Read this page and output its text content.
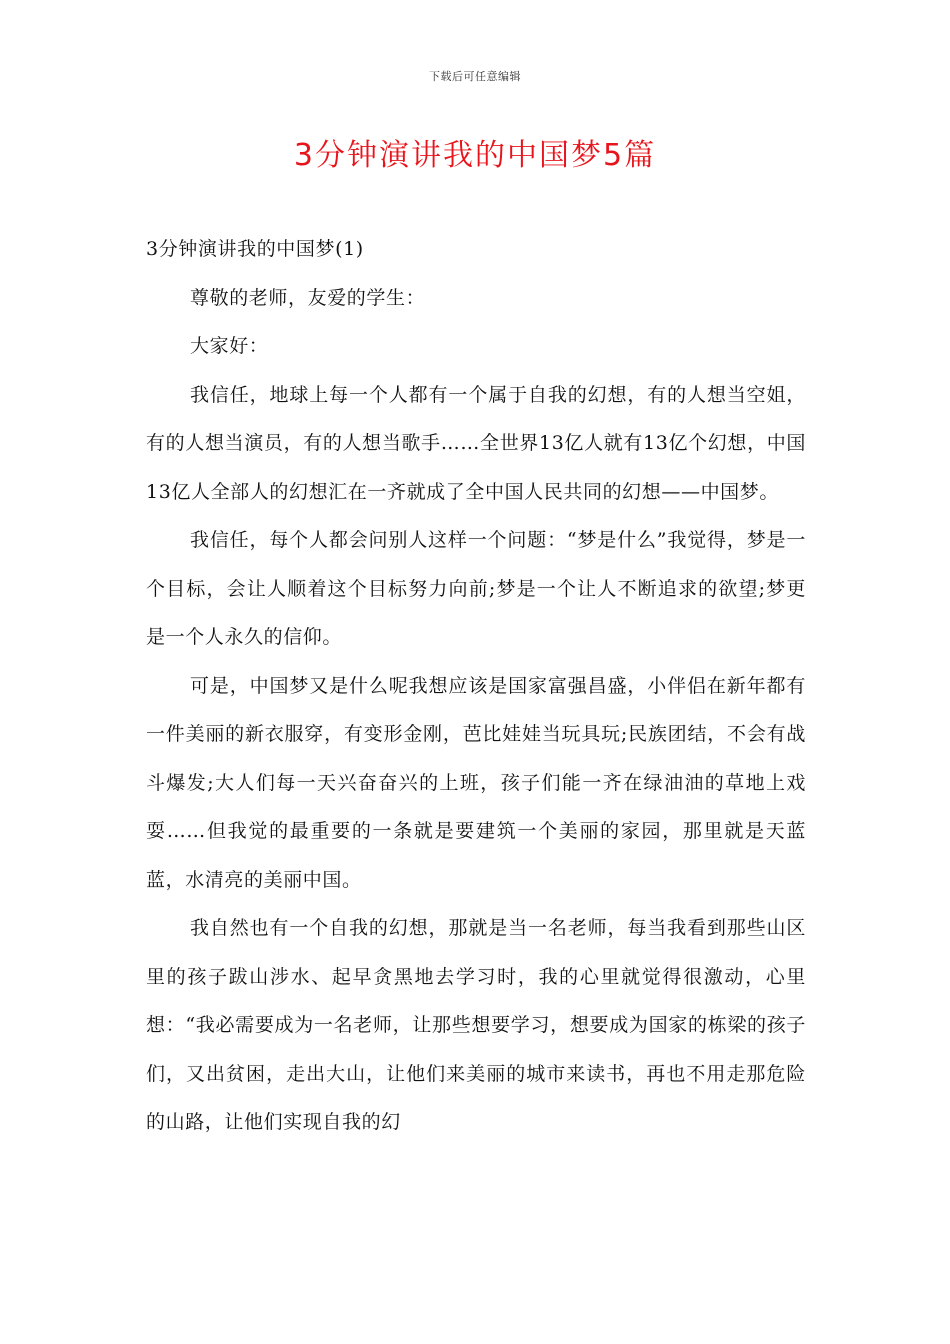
下载后可任意编辑
3分钟演讲我的中国梦5篇

3分钟演讲我的中国梦(1)

尊敬的老师，友爱的学生：

大家好：

我信任，地球上每一个人都有一个属于自我的幻想，有的人想当空姐，有的人想当演员，有的人想当歌手……全世界13亿人就有13亿个幻想，中国13亿人全部人的幻想汇在一齐就成了全中国人民共同的幻想——中国梦。

我信任，每个人都会问别人这样一个问题：“梦是什么”我觉得，梦是一个目标，会让人顺着这个目标努力向前;梦是一个让人不断追求的欲望;梦更是一个人永久的信仰。

可是，中国梦又是什么呢我想应该是国家富强昌盛，小伴侣在新年都有一件美丽的新衣服穿，有变形金刚，芭比娃娃当玩具玩;民族团结，不会有战斗爆发;大人们每一天兴奋奋兴的上班，孩子们能一齐在绿油油的草地上戏耍……但我觉的最重要的一条就是要建筑一个美丽的家园，那里就是天蓝蓝，水清亮的美丽中国。

我自然也有一个自我的幻想，那就是当一名老师，每当我看到那些山区里的孩子跋山涉水、起早贪黑地去学习时，我的心里就觉得很激动，心里想：“我必需要成为一名老师，让那些想要学习，想要成为国家的栋梁的孩子们，又出贫困，走出大山，让他们来美丽的城市来读书，再也不用走那危险的山路，让他们实现自我的幻
